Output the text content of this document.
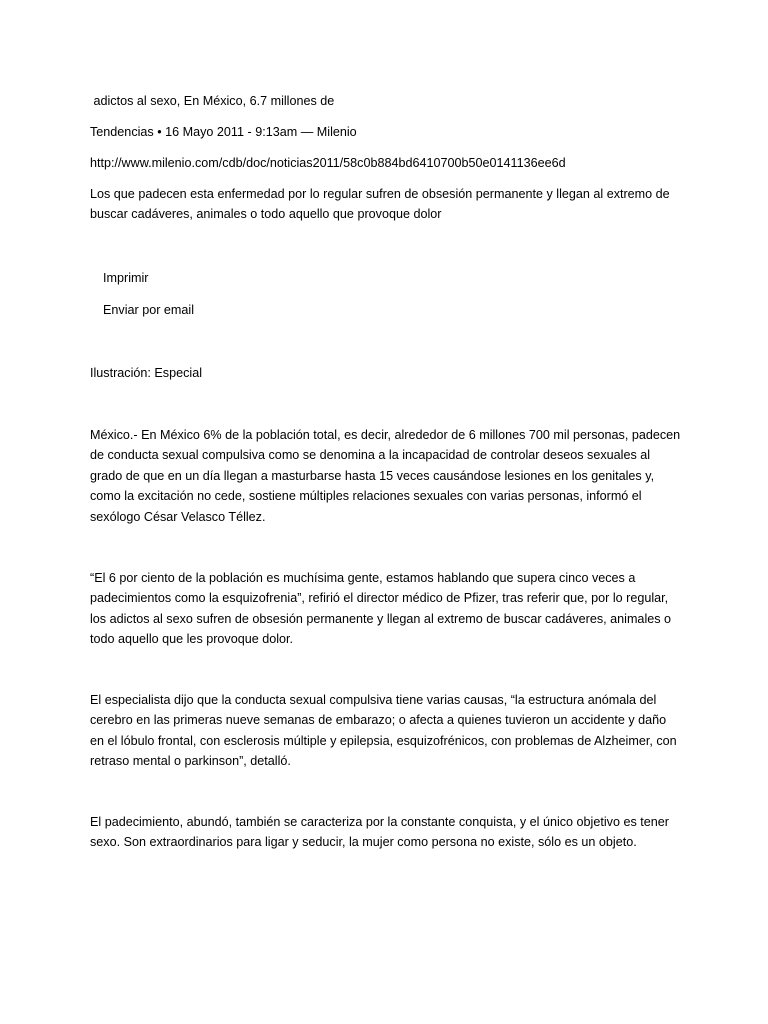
adictos al sexo, En México, 6.7 millones de

Tendencias • 16 Mayo 2011 - 9:13am — Milenio

http://www.milenio.com/cdb/doc/noticias2011/58c0b884bd6410700b50e0141136ee6d

Los que padecen esta enfermedad por lo regular sufren de obsesión permanente y llegan al extremo de buscar cadáveres, animales o todo aquello que provoque dolor

Imprimir

Enviar por email

Ilustración: Especial

México.- En México 6% de la población total, es decir, alrededor de 6 millones 700 mil personas, padecen de conducta sexual compulsiva como se denomina a la incapacidad de controlar deseos sexuales al grado de que en un día llegan a masturbarse hasta 15 veces causándose lesiones en los genitales y, como la excitación no cede, sostiene múltiples relaciones sexuales con varias personas, informó el sexólogo César Velasco Téllez.

“El 6 por ciento de la población es muchísima gente, estamos hablando que supera cinco veces a padecimientos como la esquizofrenia”, refirió el director médico de Pfizer, tras referir que, por lo regular, los adictos al sexo sufren de obsesión permanente y llegan al extremo de buscar cadáveres, animales o todo aquello que les provoque dolor.

El especialista dijo que la conducta sexual compulsiva tiene varias causas, “la estructura anómala del cerebro en las primeras nueve semanas de embarazo; o afecta a quienes tuvieron un accidente y daño en el lóbulo frontal, con esclerosis múltiple y epilepsia, esquizofrénicos, con problemas de Alzheimer, con retraso mental o parkinson”, detalló.

El padecimiento, abundó, también se caracteriza por la constante conquista, y el único objetivo es tener sexo. Son extraordinarios para ligar y seducir, la mujer como persona no existe, sólo es un objeto.
